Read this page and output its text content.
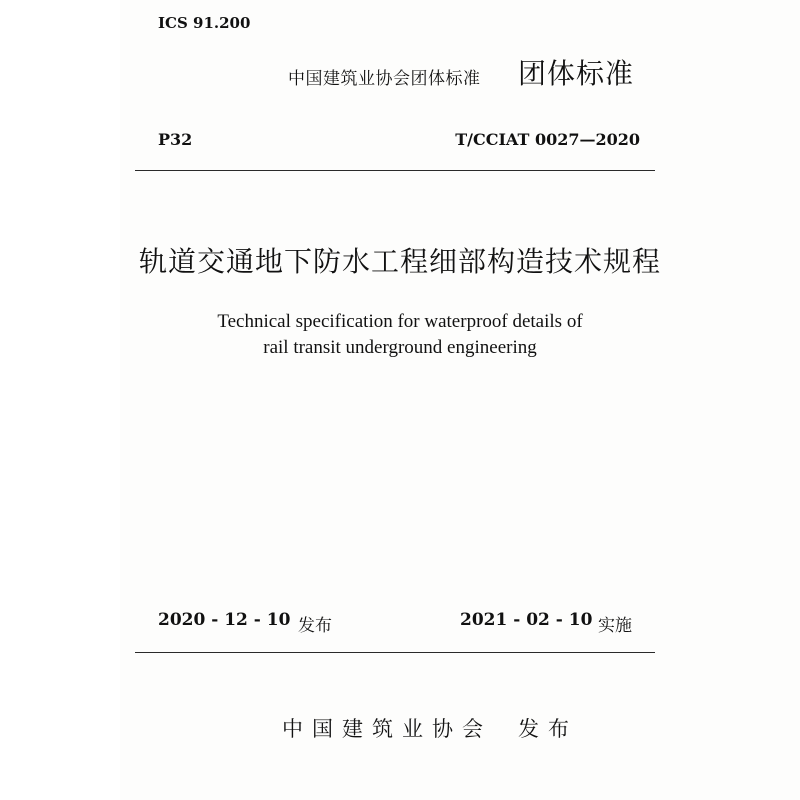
ICS 91.200

中国建筑业协会团体标准 团体标准

P32	T/CCIAT 0027—2020

轨道交通地下防水工程细部构造技术规程

Technical specification for waterproof details of

rail transit underground engineering

2020 - 12 - 10 发布	2021 - 02 - 10 实施

中国建筑业协会 发布
